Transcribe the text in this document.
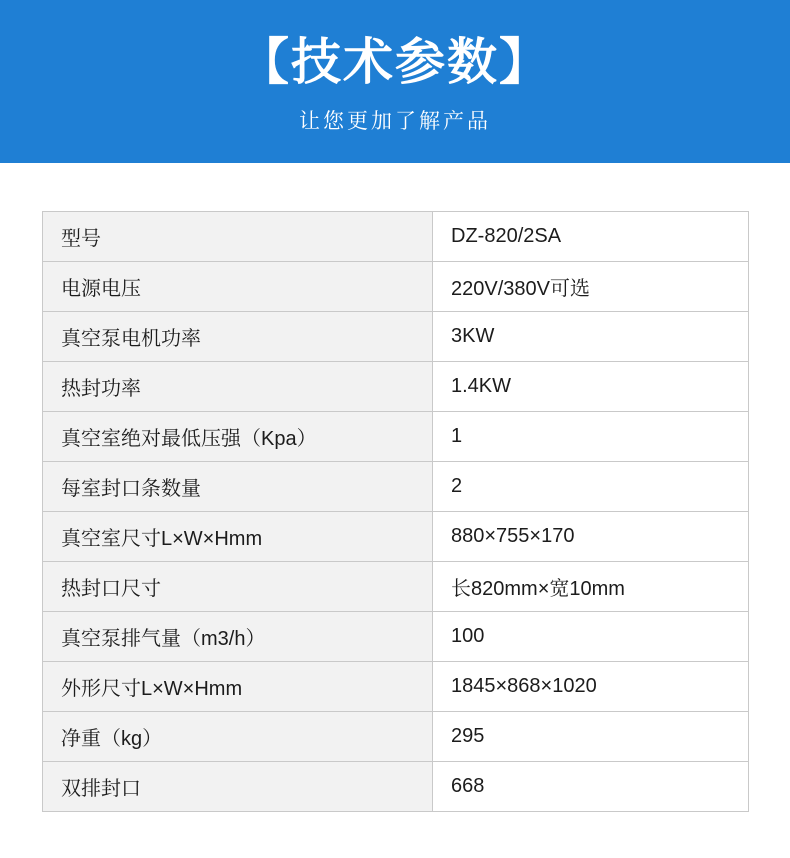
【技术参数】
让您更加了解产品
型号	DZ-820/2SA
电源电压	220V/380V可选
真空泵电机功率	3KW
热封功率	1.4KW
真空室绝对最低压强（Kpa）	1
每室封口条数量	2
真空室尺寸L×W×Hmm	880×755×170
热封口尺寸	长820mm×宽10mm
真空泵排气量（m3/h）	100
外形尺寸L×W×Hmm	1845×868×1020
净重（kg）	295
双排封口	668
